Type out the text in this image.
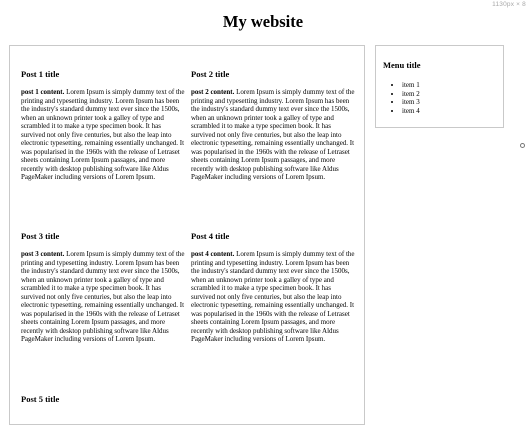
1130px × 8
My website
Post 1 title

post 1 content. Lorem Ipsum is simply dummy text of the printing and typesetting industry. Lorem Ipsum has been the industry's standard dummy text ever since the 1500s, when an unknown printer took a galley of type and scrambled it to make a type specimen book. It has survived not only five centuries, but also the leap into electronic typesetting, remaining essentially unchanged. It was popularised in the 1960s with the release of Letraset sheets containing Lorem Ipsum passages, and more recently with desktop publishing software like Aldus PageMaker including versions of Lorem Ipsum.

Post 2 title

post 2 content. Lorem Ipsum is simply dummy text of the printing and typesetting industry. Lorem Ipsum has been the industry's standard dummy text ever since the 1500s, when an unknown printer took a galley of type and scrambled it to make a type specimen book. It has survived not only five centuries, but also the leap into electronic typesetting, remaining essentially unchanged. It was popularised in the 1960s with the release of Letraset sheets containing Lorem Ipsum passages, and more recently with desktop publishing software like Aldus PageMaker including versions of Lorem Ipsum.

Post 3 title

post 3 content. Lorem Ipsum is simply dummy text of the printing and typesetting industry. Lorem Ipsum has been the industry's standard dummy text ever since the 1500s, when an unknown printer took a galley of type and scrambled it to make a type specimen book. It has survived not only five centuries, but also the leap into electronic typesetting, remaining essentially unchanged. It was popularised in the 1960s with the release of Letraset sheets containing Lorem Ipsum passages, and more recently with desktop publishing software like Aldus PageMaker including versions of Lorem Ipsum.

Post 4 title

post 4 content. Lorem Ipsum is simply dummy text of the printing and typesetting industry. Lorem Ipsum has been the industry's standard dummy text ever since the 1500s, when an unknown printer took a galley of type and scrambled it to make a type specimen book. It has survived not only five centuries, but also the leap into electronic typesetting, remaining essentially unchanged. It was popularised in the 1960s with the release of Letraset sheets containing Lorem Ipsum passages, and more recently with desktop publishing software like Aldus PageMaker including versions of Lorem Ipsum.

Post 5 title
Menu title
• item 1
• item 2
• item 3
• item 4
